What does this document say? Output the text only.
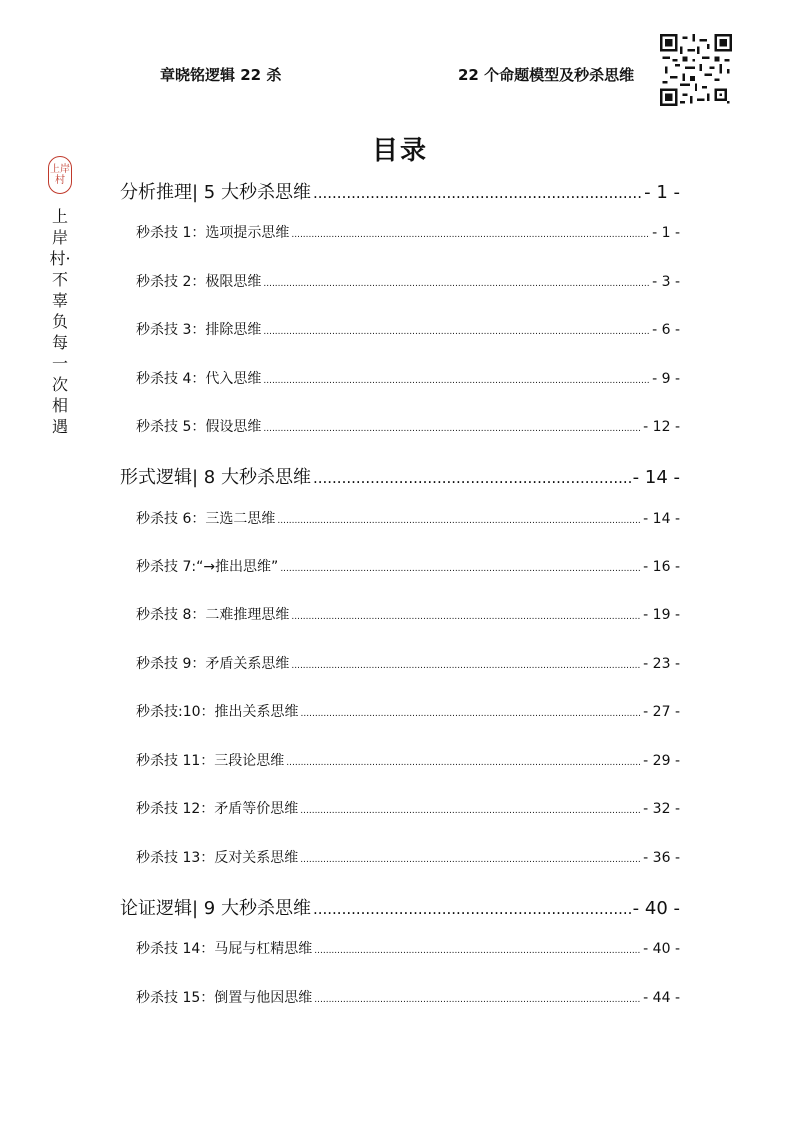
章晓铭逻辑 22 杀	22 个命题模型及秒杀思维
上岸村
上岸村·不辜负每一次相遇
目录
分析推理| 5 大秒杀思维 .....	- 1 -
秒杀技 1：选项提示思维 .....	- 1 -
秒杀技 2：极限思维 .....	- 3 -
秒杀技 3：排除思维 .....	- 6 -
秒杀技 4：代入思维 .....	- 9 -
秒杀技 5：假设思维 .....	- 12 -
形式逻辑| 8 大秒杀思维 .....	- 14 -
秒杀技 6：三选二思维 .....	- 14 -
秒杀技 7:“→推出思维” .....	- 16 -
秒杀技 8：二难推理思维 .....	- 19 -
秒杀技 9：矛盾关系思维 .....	- 23 -
秒杀技:10：推出关系思维 .....	- 27 -
秒杀技 11：三段论思维 .....	- 29 -
秒杀技 12：矛盾等价思维 .....	- 32 -
秒杀技 13：反对关系思维 .....	- 36 -
论证逻辑| 9 大秒杀思维 .....	- 40 -
秒杀技 14：马屁与杠精思维 .....	- 40 -
秒杀技 15：倒置与他因思维 .....	- 44 -
